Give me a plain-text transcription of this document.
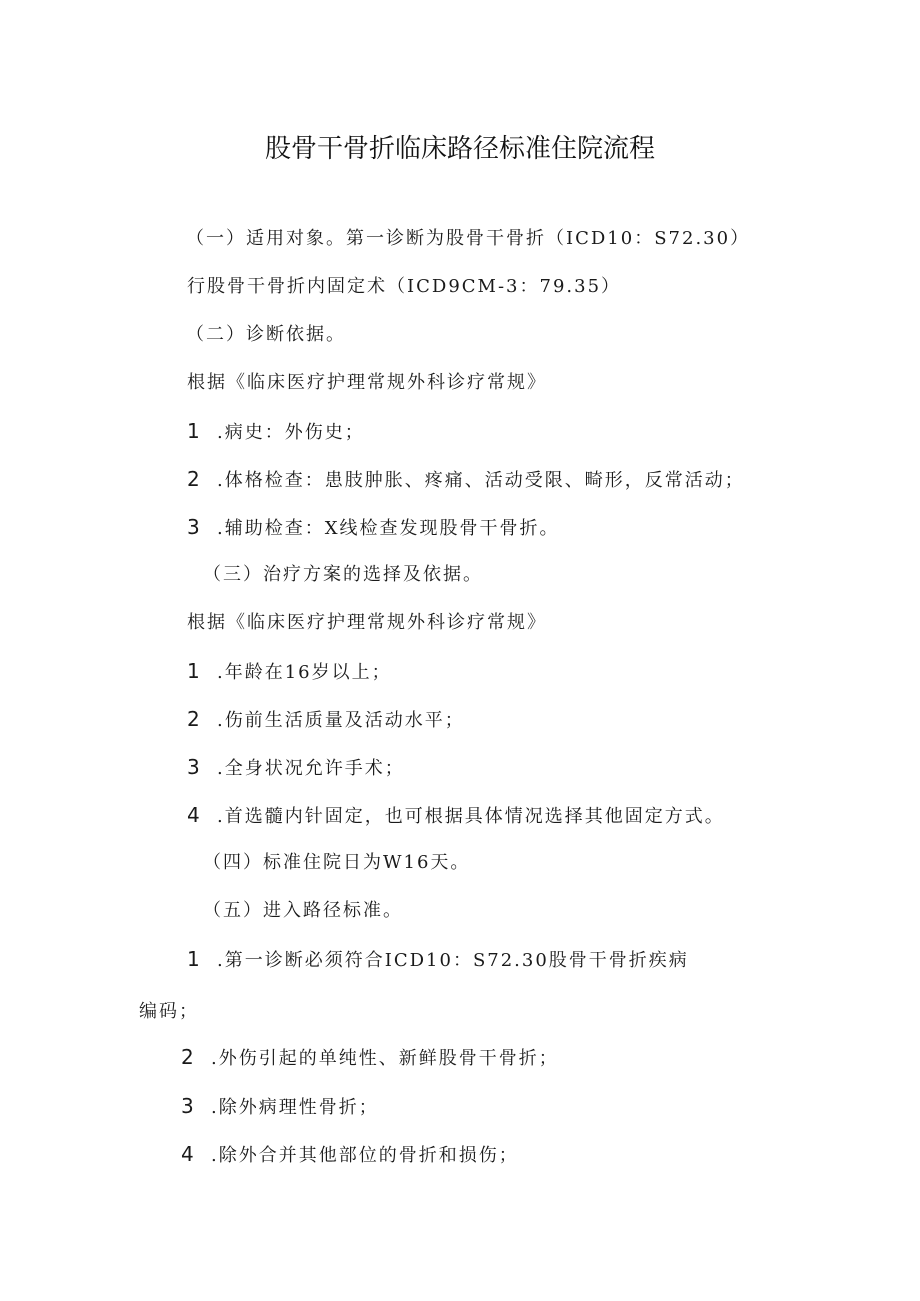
股骨干骨折临床路径标准住院流程
（一）适用对象。第一诊断为股骨干骨折（ICD10：S72.30）
行股骨干骨折内固定术（ICD9CM-3：79.35）
（二）诊断依据。
根据《临床医疗护理常规外科诊疗常规》
1 .病史：外伤史；
2 .体格检查：患肢肿胀、疼痛、活动受限、畸形，反常活动；
3 .辅助检查：X线检查发现股骨干骨折。
（三）治疗方案的选择及依据。
根据《临床医疗护理常规外科诊疗常规》
1 .年龄在16岁以上；
2 .伤前生活质量及活动水平；
3 .全身状况允许手术；
4 .首选髓内针固定，也可根据具体情况选择其他固定方式。
（四）标准住院日为W16天。
（五）进入路径标准。
1 .第一诊断必须符合ICD10：S72.30股骨干骨折疾病
编码；
2 .外伤引起的单纯性、新鲜股骨干骨折；
3 .除外病理性骨折；
4 .除外合并其他部位的骨折和损伤；
